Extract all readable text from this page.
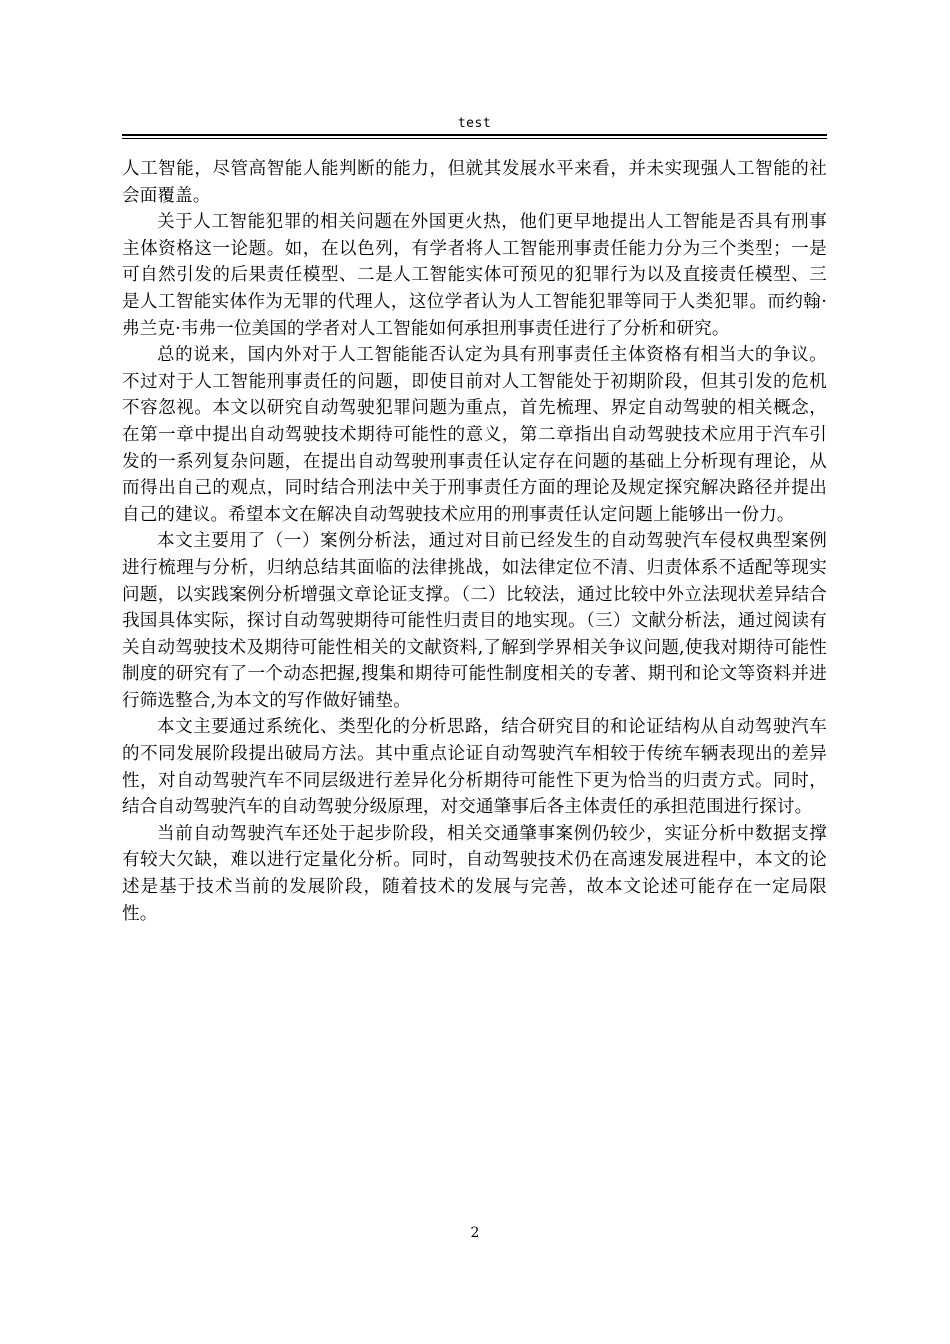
test

人工智能，尽管高智能人能判断的能力，但就其发展水平来看，并未实现强人工智能的社会面覆盖。

关于人工智能犯罪的相关问题在外国更火热，他们更早地提出人工智能是否具有刑事主体资格这一论题。如，在以色列，有学者将人工智能刑事责任能力分为三个类型；一是可自然引发的后果责任模型、二是人工智能实体可预见的犯罪行为以及直接责任模型、三是人工智能实体作为无罪的代理人，这位学者认为人工智能犯罪等同于人类犯罪。而约翰·弗兰克·韦弗一位美国的学者对人工智能如何承担刑事责任进行了分析和研究。

总的说来，国内外对于人工智能能否认定为具有刑事责任主体资格有相当大的争议。不过对于人工智能刑事责任的问题，即使目前对人工智能处于初期阶段，但其引发的危机不容忽视。本文以研究自动驾驶犯罪问题为重点，首先梳理、界定自动驾驶的相关概念，在第一章中提出自动驾驶技术期待可能性的意义，第二章指出自动驾驶技术应用于汽车引发的一系列复杂问题，在提出自动驾驶刑事责任认定存在问题的基础上分析现有理论，从而得出自己的观点，同时结合刑法中关于刑事责任方面的理论及规定探究解决路径并提出自己的建议。希望本文在解决自动驾驶技术应用的刑事责任认定问题上能够出一份力。

本文主要用了（一）案例分析法，通过对目前已经发生的自动驾驶汽车侵权典型案例进行梳理与分析，归纳总结其面临的法律挑战，如法律定位不清、归责体系不适配等现实问题，以实践案例分析增强文章论证支撑。（二）比较法，通过比较中外立法现状差异结合我国具体实际，探讨自动驾驶期待可能性归责目的地实现。（三）文献分析法，通过阅读有关自动驾驶技术及期待可能性相关的文献资料,了解到学界相关争议问题,使我对期待可能性制度的研究有了一个动态把握,搜集和期待可能性制度相关的专著、期刊和论文等资料并进行筛选整合,为本文的写作做好铺垫。

本文主要通过系统化、类型化的分析思路，结合研究目的和论证结构从自动驾驶汽车的不同发展阶段提出破局方法。其中重点论证自动驾驶汽车相较于传统车辆表现出的差异性，对自动驾驶汽车不同层级进行差异化分析期待可能性下更为恰当的归责方式。同时，结合自动驾驶汽车的自动驾驶分级原理，对交通肇事后各主体责任的承担范围进行探讨。

当前自动驾驶汽车还处于起步阶段，相关交通肇事案例仍较少，实证分析中数据支撑有较大欠缺，难以进行定量化分析。同时，自动驾驶技术仍在高速发展进程中，本文的论述是基于技术当前的发展阶段，随着技术的发展与完善，故本文论述可能存在一定局限性。

2
